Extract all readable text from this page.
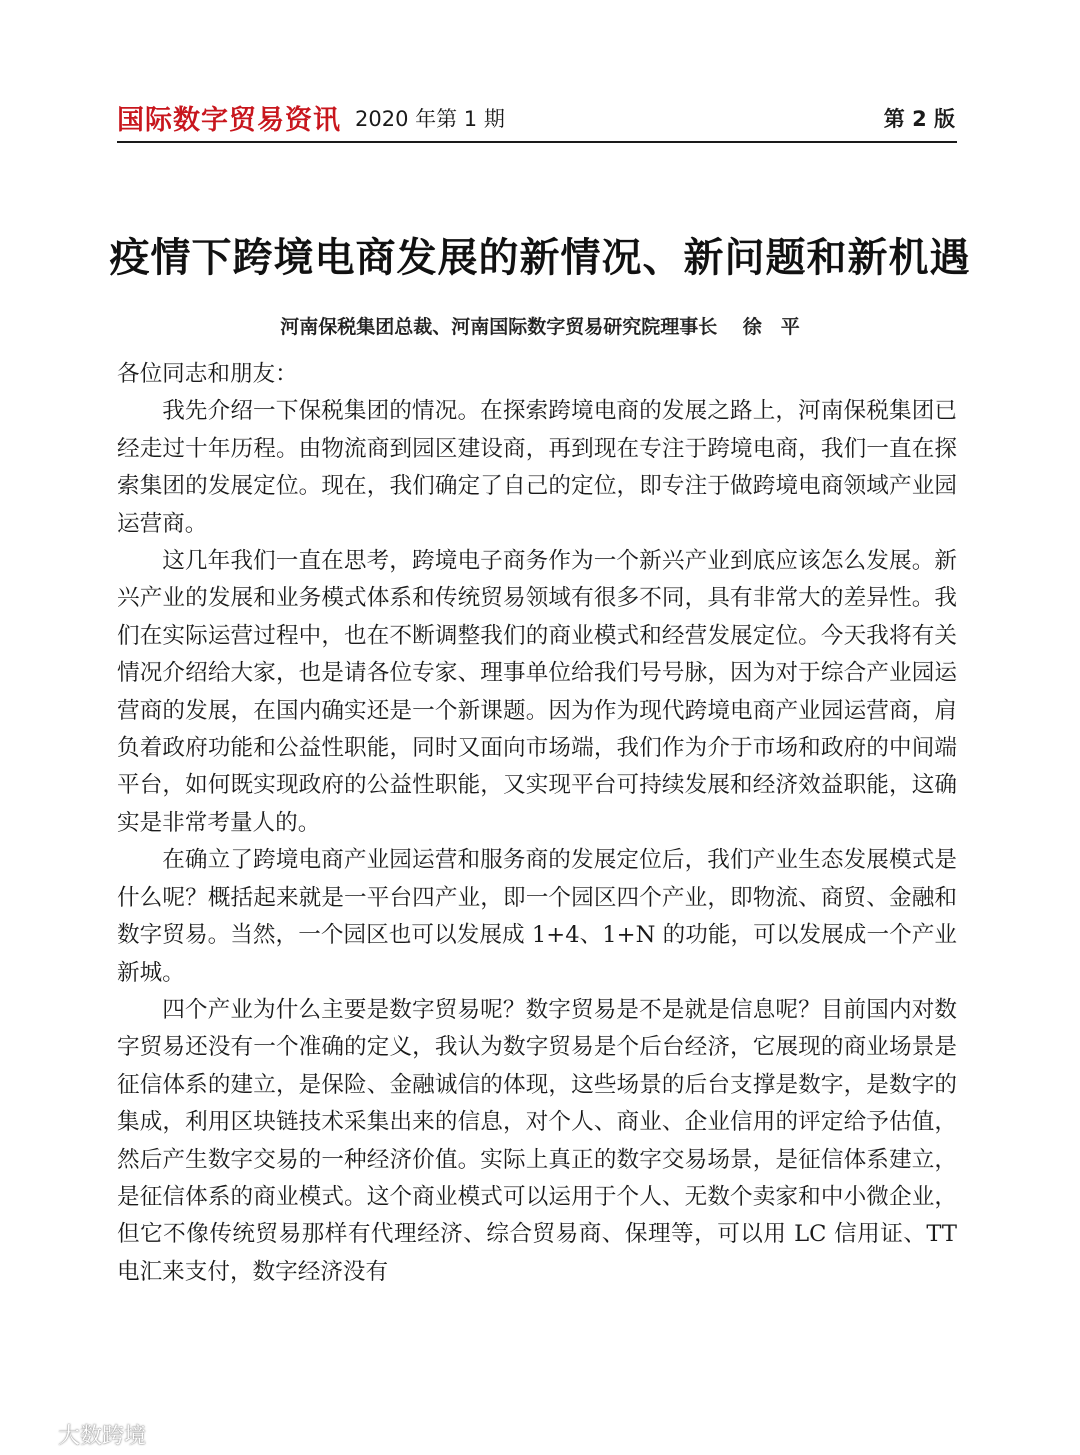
国际数字贸易资讯 2020 年第 1 期	第 2 版
疫情下跨境电商发展的新情况、新问题和新机遇
河南保税集团总裁、河南国际数字贸易研究院理事长　 徐　平

各位同志和朋友：

我先介绍一下保税集团的情况。在探索跨境电商的发展之路上，河南保税集团已经走过十年历程。由物流商到园区建设商，再到现在专注于跨境电商，我们一直在探索集团的发展定位。现在，我们确定了自己的定位，即专注于做跨境电商领域产业园运营商。

这几年我们一直在思考，跨境电子商务作为一个新兴产业到底应该怎么发展。新兴产业的发展和业务模式体系和传统贸易领域有很多不同，具有非常大的差异性。我们在实际运营过程中，也在不断调整我们的商业模式和经营发展定位。今天我将有关情况介绍给大家，也是请各位专家、理事单位给我们号号脉，因为对于综合产业园运营商的发展，在国内确实还是一个新课题。因为作为现代跨境电商产业园运营商，肩负着政府功能和公益性职能，同时又面向市场端，我们作为介于市场和政府的中间端平台，如何既实现政府的公益性职能，又实现平台可持续发展和经济效益职能，这确实是非常考量人的。

在确立了跨境电商产业园运营和服务商的发展定位后，我们产业生态发展模式是什么呢？概括起来就是一平台四产业，即一个园区四个产业，即物流、商贸、金融和数字贸易。当然，一个园区也可以发展成 1+4、1+N 的功能，可以发展成一个产业新城。

四个产业为什么主要是数字贸易呢？数字贸易是不是就是信息呢？目前国内对数字贸易还没有一个准确的定义，我认为数字贸易是个后台经济，它展现的商业场景是征信体系的建立，是保险、金融诚信的体现，这些场景的后台支撑是数字，是数字的集成，利用区块链技术采集出来的信息，对个人、商业、企业信用的评定给予估值，然后产生数字交易的一种经济价值。实际上真正的数字交易场景，是征信体系建立，是征信体系的商业模式。这个商业模式可以运用于个人、无数个卖家和中小微企业，但它不像传统贸易那样有代理经济、综合贸易商、保理等，可以用 LC 信用证、TT 电汇来支付，数字经济没有

大数跨境
